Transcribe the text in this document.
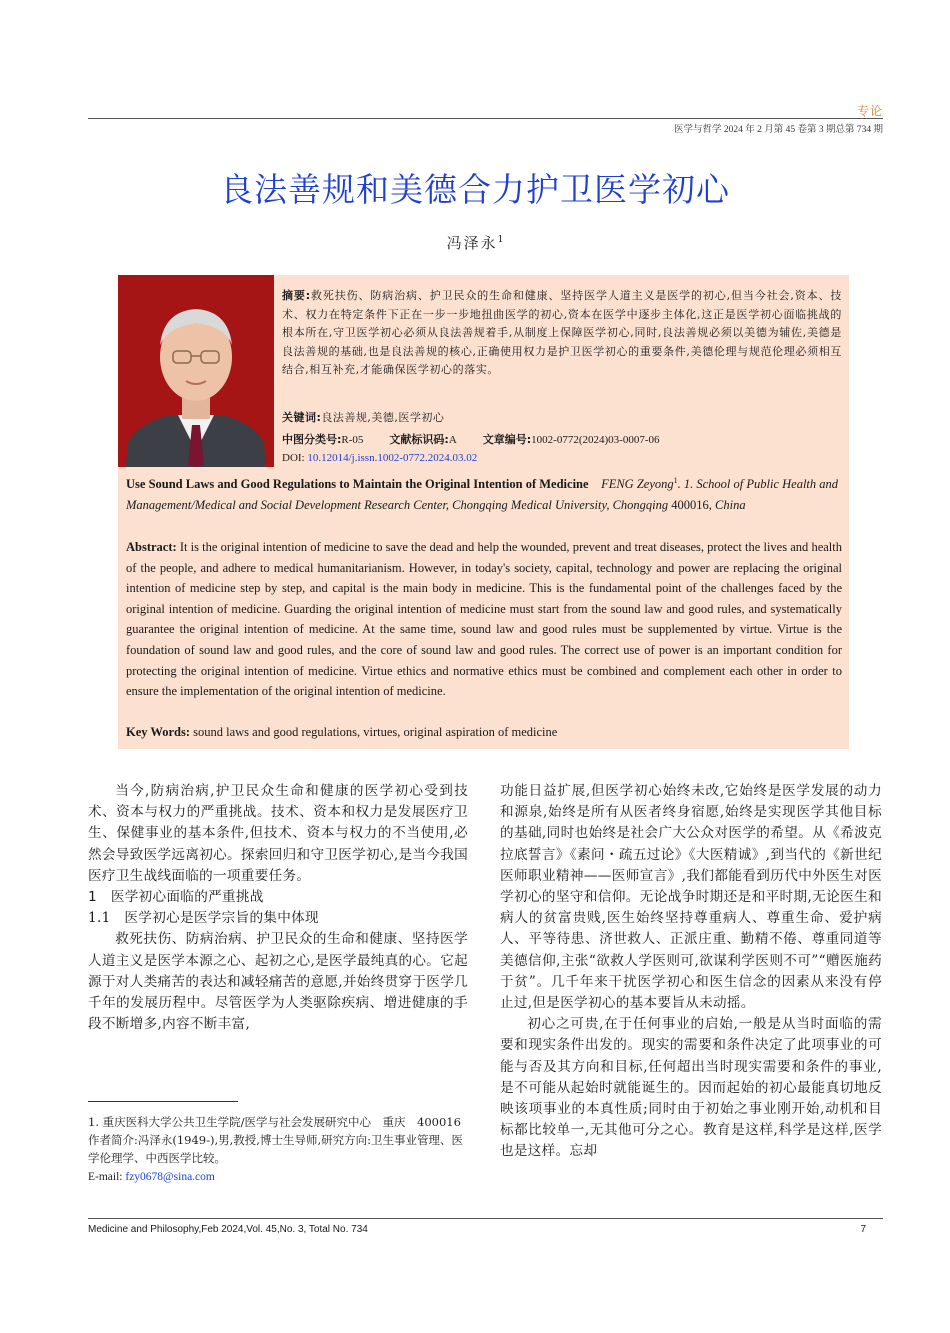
专论
医学与哲学 2024 年 2 月第 45 卷第 3 期总第 734 期
良法善规和美德合力护卫医学初心
冯泽永$^1$
摘要:救死扶伤、防病治病、护卫民众的生命和健康、坚持医学人道主义是医学的初心,但当今社会,资本、技术、权力在特定条件下正在一步一步地扭曲医学的初心,资本在医学中逐步主体化,这正是医学初心面临挑战的根本所在,守卫医学初心必须从良法善规着手,从制度上保障医学初心,同时,良法善规必须以美德为辅佐,美德是良法善规的基础,也是良法善规的核心,正确使用权力是护卫医学初心的重要条件,美德伦理与规范伦理必须相互结合,相互补充,才能确保医学初心的落实。
关键词:良法善规,美德,医学初心
中图分类号:R-05 文献标识码:A 文章编号:1002-0772(2024)03-0007-06
DOI: 10.12014/j.issn.1002-0772.2024.03.02
Use Sound Laws and Good Regulations to Maintain the Original Intention of Medicine FENG Zeyong$^1$. 1. School of Public Health and Management/Medical and Social Development Research Center, Chongqing Medical University, Chongqing 400016, China
Abstract: It is the original intention of medicine to save the dead and help the wounded, prevent and treat diseases, protect the lives and health of the people, and adhere to medical humanitarianism. However, in today's society, capital, technology and power are replacing the original intention of medicine step by step, and capital is the main body in medicine. This is the fundamental point of the challenges faced by the original intention of medicine. Guarding the original intention of medicine must start from the sound law and good rules, and systematically guarantee the original intention of medicine. At the same time, sound law and good rules must be supplemented by virtue. Virtue is the foundation of sound law and good rules, and the core of sound law and good rules. The correct use of power is an important condition for protecting the original intention of medicine. Virtue ethics and normative ethics must be combined and complement each other in order to ensure the implementation of the original intention of medicine.
Key Words: sound laws and good regulations, virtues, original aspiration of medicine

当今,防病治病,护卫民众生命和健康的医学初心受到技术、资本与权力的严重挑战。技术、资本和权力是发展医疗卫生、保健事业的基本条件,但技术、资本与权力的不当使用,必然会导致医学远离初心。探索回归和守卫医学初心,是当今我国医疗卫生战线面临的一项重要任务。

1　医学初心面临的严重挑战
1.1　医学初心是医学宗旨的集中体现

救死扶伤、防病治病、护卫民众的生命和健康、坚持医学人道主义是医学本源之心、起初之心,是医学最纯真的心。它起源于对人类痛苦的表达和减轻痛苦的意愿,并始终贯穿于医学几千年的发展历程中。尽管医学为人类驱除疾病、增进健康的手段不断增多,内容不断丰富,

功能日益扩展,但医学初心始终未改,它始终是医学发展的动力和源泉,始终是所有从医者终身宿愿,始终是实现医学其他目标的基础,同时也始终是社会广大公众对医学的希望。从《希波克拉底誓言》《素问・疏五过论》《大医精诚》,到当代的《新世纪医师职业精神——医师宣言》,我们都能看到历代中外医生对医学初心的坚守和信仰。无论战争时期还是和平时期,无论医生和病人的贫富贵贱,医生始终坚持尊重病人、尊重生命、爱护病人、平等待患、济世救人、正派庄重、勤精不倦、尊重同道等美德信仰,主张“欲救人学医则可,欲谋利学医则不可”“赠医施药于贫”。几千年来干扰医学初心和医生信念的因素从来没有停止过,但是医学初心的基本要旨从未动摇。

初心之可贵,在于任何事业的启始,一般是从当时面临的需要和现实条件出发的。现实的需要和条件决定了此项事业的可能与否及其方向和目标,任何超出当时现实需要和条件的事业,是不可能从起始时就能诞生的。因而起始的初心最能真切地反映该项事业的本真性质;同时由于初始之事业刚开始,动机和目标都比较单一,无其他可分之心。教育是这样,科学是这样,医学也是这样。忘却

1. 重庆医科大学公共卫生学院/医学与社会发展研究中心　重庆　400016
作者简介:冯泽永(1949-),男,教授,博士生导师,研究方向:卫生事业管理、医学伦理学、中西医学比较。
E-mail: fzy0678@sina.com
Medicine and Philosophy,Feb 2024,Vol. 45,No. 3, Total No. 734	7
